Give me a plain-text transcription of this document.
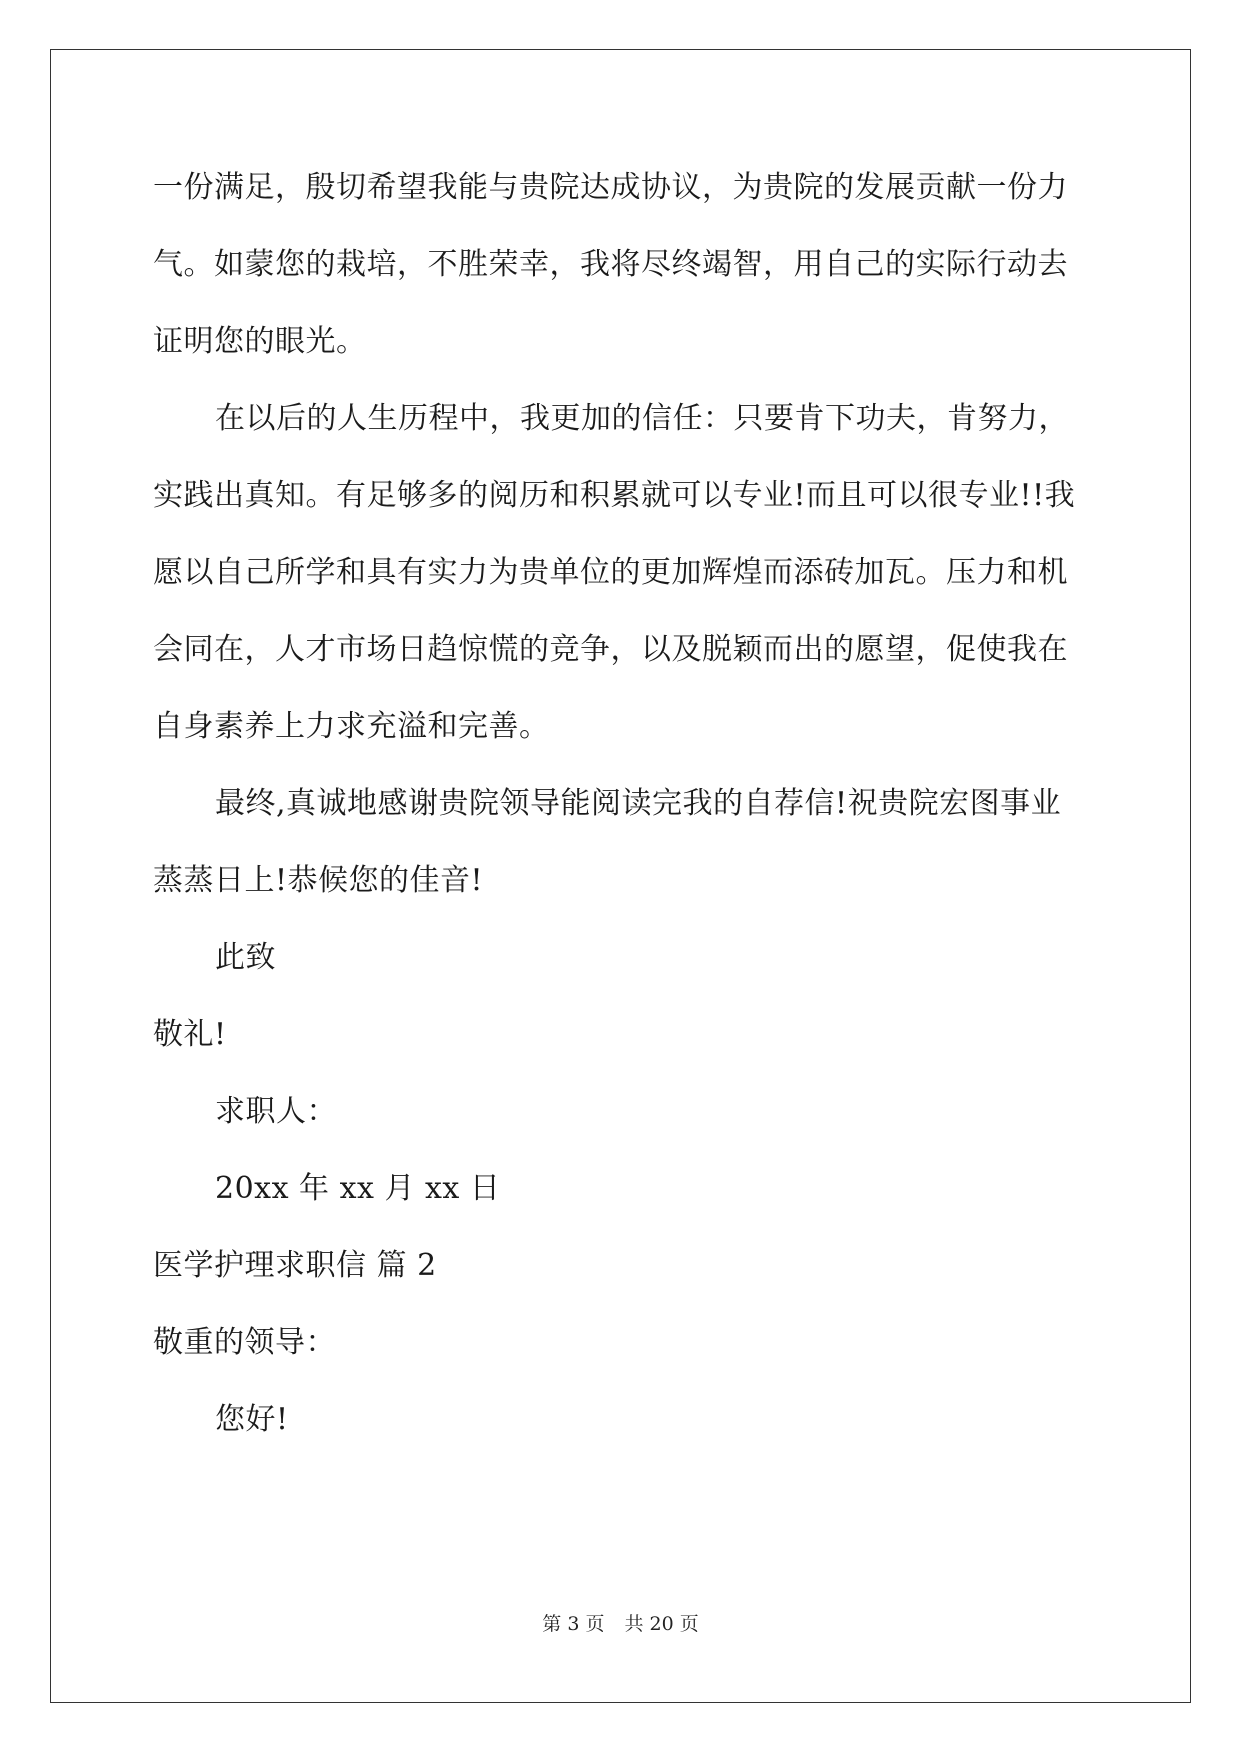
一份满足，殷切希望我能与贵院达成协议，为贵院的发展贡献一份力
气。如蒙您的栽培，不胜荣幸，我将尽终竭智，用自己的实际行动去
证明您的眼光。
在以后的人生历程中，我更加的信任：只要肯下功夫，肯努力，
实践出真知。有足够多的阅历和积累就可以专业!而且可以很专业!!我
愿以自己所学和具有实力为贵单位的更加辉煌而添砖加瓦。压力和机
会同在，人才市场日趋惊慌的竞争，以及脱颖而出的愿望，促使我在
自身素养上力求充溢和完善。
最终,真诚地感谢贵院领导能阅读完我的自荐信!祝贵院宏图事业
蒸蒸日上!恭候您的佳音!
此致
敬礼!
求职人：
20xx 年 xx 月 xx 日
医学护理求职信 篇 2
敬重的领导：
您好!
第 3 页 共 20 页
